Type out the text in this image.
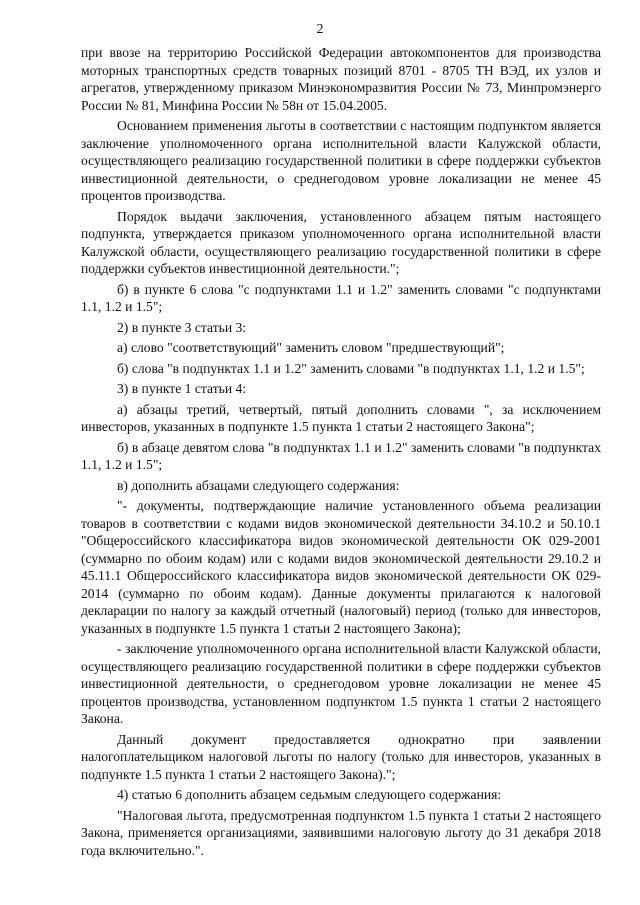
2

при ввозе на территорию Российской Федерации автокомпонентов для производства моторных транспортных средств товарных позиций 8701 - 8705 ТН ВЭД, их узлов и агрегатов, утвержденному приказом Минэкономразвития России № 73, Минпромэнерго России № 81, Минфина России № 58н от 15.04.2005.

Основанием применения льготы в соответствии с настоящим подпунктом является заключение уполномоченного органа исполнительной власти Калужской области, осуществляющего реализацию государственной политики в сфере поддержки субъектов инвестиционной деятельности, о среднегодовом уровне локализации не менее 45 процентов производства.

Порядок выдачи заключения, установленного абзацем пятым настоящего подпункта, утверждается приказом уполномоченного органа исполнительной власти Калужской области, осуществляющего реализацию государственной политики в сфере поддержки субъектов инвестиционной деятельности.";

б) в пункте 6 слова "с подпунктами 1.1 и 1.2" заменить словами "с подпунктами 1.1, 1.2 и 1.5";

2) в пункте 3 статьи 3:

а) слово "соответствующий" заменить словом "предшествующий";

б) слова "в подпунктах 1.1 и 1.2" заменить словами "в подпунктах 1.1, 1.2 и 1.5";

3) в пункте 1 статьи 4:

а) абзацы третий, четвертый, пятый дополнить словами ", за исключением инвесторов, указанных в подпункте 1.5 пункта 1 статьи 2 настоящего Закона";

б) в абзаце девятом слова "в подпунктах 1.1 и 1.2" заменить словами "в подпунктах 1.1, 1.2 и 1.5";

в) дополнить абзацами следующего содержания:

"- документы, подтверждающие наличие установленного объема реализации товаров в соответствии с кодами видов экономической деятельности 34.10.2 и 50.10.1 "Общероссийского классификатора видов экономической деятельности ОК 029-2001 (суммарно по обоим кодам) или с кодами видов экономической деятельности 29.10.2 и 45.11.1 Общероссийского классификатора видов экономической деятельности ОК 029-2014 (суммарно по обоим кодам). Данные документы прилагаются к налоговой декларации по налогу за каждый отчетный (налоговый) период (только для инвесторов, указанных в подпункте 1.5 пункта 1 статьи 2 настоящего Закона);

- заключение уполномоченного органа исполнительной власти Калужской области, осуществляющего реализацию государственной политики в сфере поддержки субъектов инвестиционной деятельности, о среднегодовом уровне локализации не менее 45 процентов производства, установленном подпунктом 1.5 пункта 1 статьи 2 настоящего Закона.

Данный документ предоставляется однократно при заявлении налогоплательщиком налоговой льготы по налогу (только для инвесторов, указанных в подпункте 1.5 пункта 1 статьи 2 настоящего Закона).";

4) статью 6 дополнить абзацем седьмым следующего содержания:

"Налоговая льгота, предусмотренная подпунктом 1.5 пункта 1 статьи 2 настоящего Закона, применяется организациями, заявившими налоговую льготу до 31 декабря 2018 года включительно.".
